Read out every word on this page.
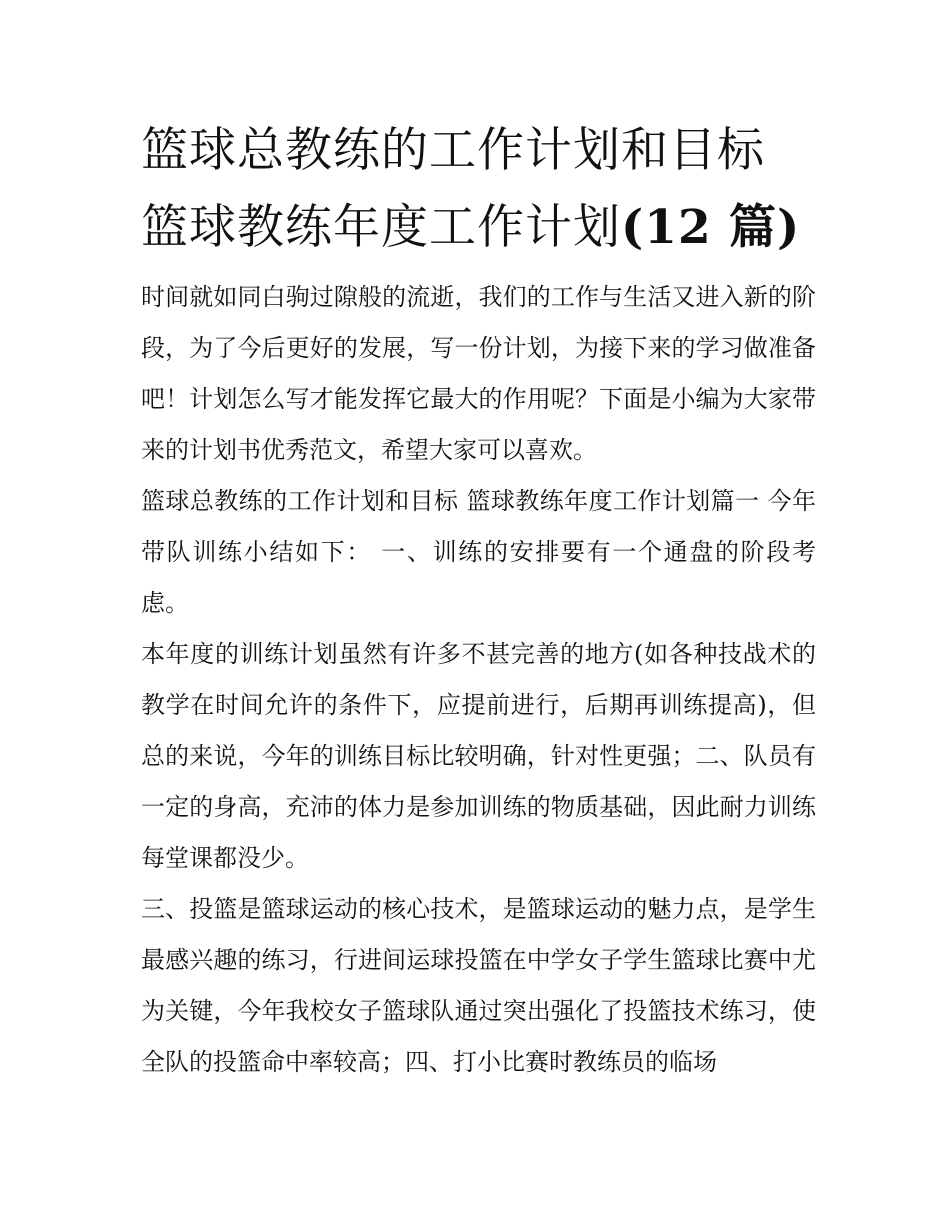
篮球总教练的工作计划和目标
篮球教练年度工作计划(12 篇)

时间就如同白驹过隙般的流逝，我们的工作与生活又进入新的阶段，为了今后更好的发展，写一份计划，为接下来的学习做准备吧！计划怎么写才能发挥它最大的作用呢？下面是小编为大家带来的计划书优秀范文，希望大家可以喜欢。

篮球总教练的工作计划和目标 篮球教练年度工作计划篇一 今年带队训练小结如下： 一、训练的安排要有一个通盘的阶段考虑。

本年度的训练计划虽然有许多不甚完善的地方(如各种技战术的教学在时间允许的条件下，应提前进行，后期再训练提高)，但总的来说，今年的训练目标比较明确，针对性更强；二、队员有一定的身高，充沛的体力是参加训练的物质基础，因此耐力训练每堂课都没少。

三、投篮是篮球运动的核心技术，是篮球运动的魅力点，是学生最感兴趣的练习，行进间运球投篮在中学女子学生篮球比赛中尤为关键，今年我校女子篮球队通过突出强化了投篮技术练习，使全队的投篮命中率较高；四、打小比赛时教练员的临场
